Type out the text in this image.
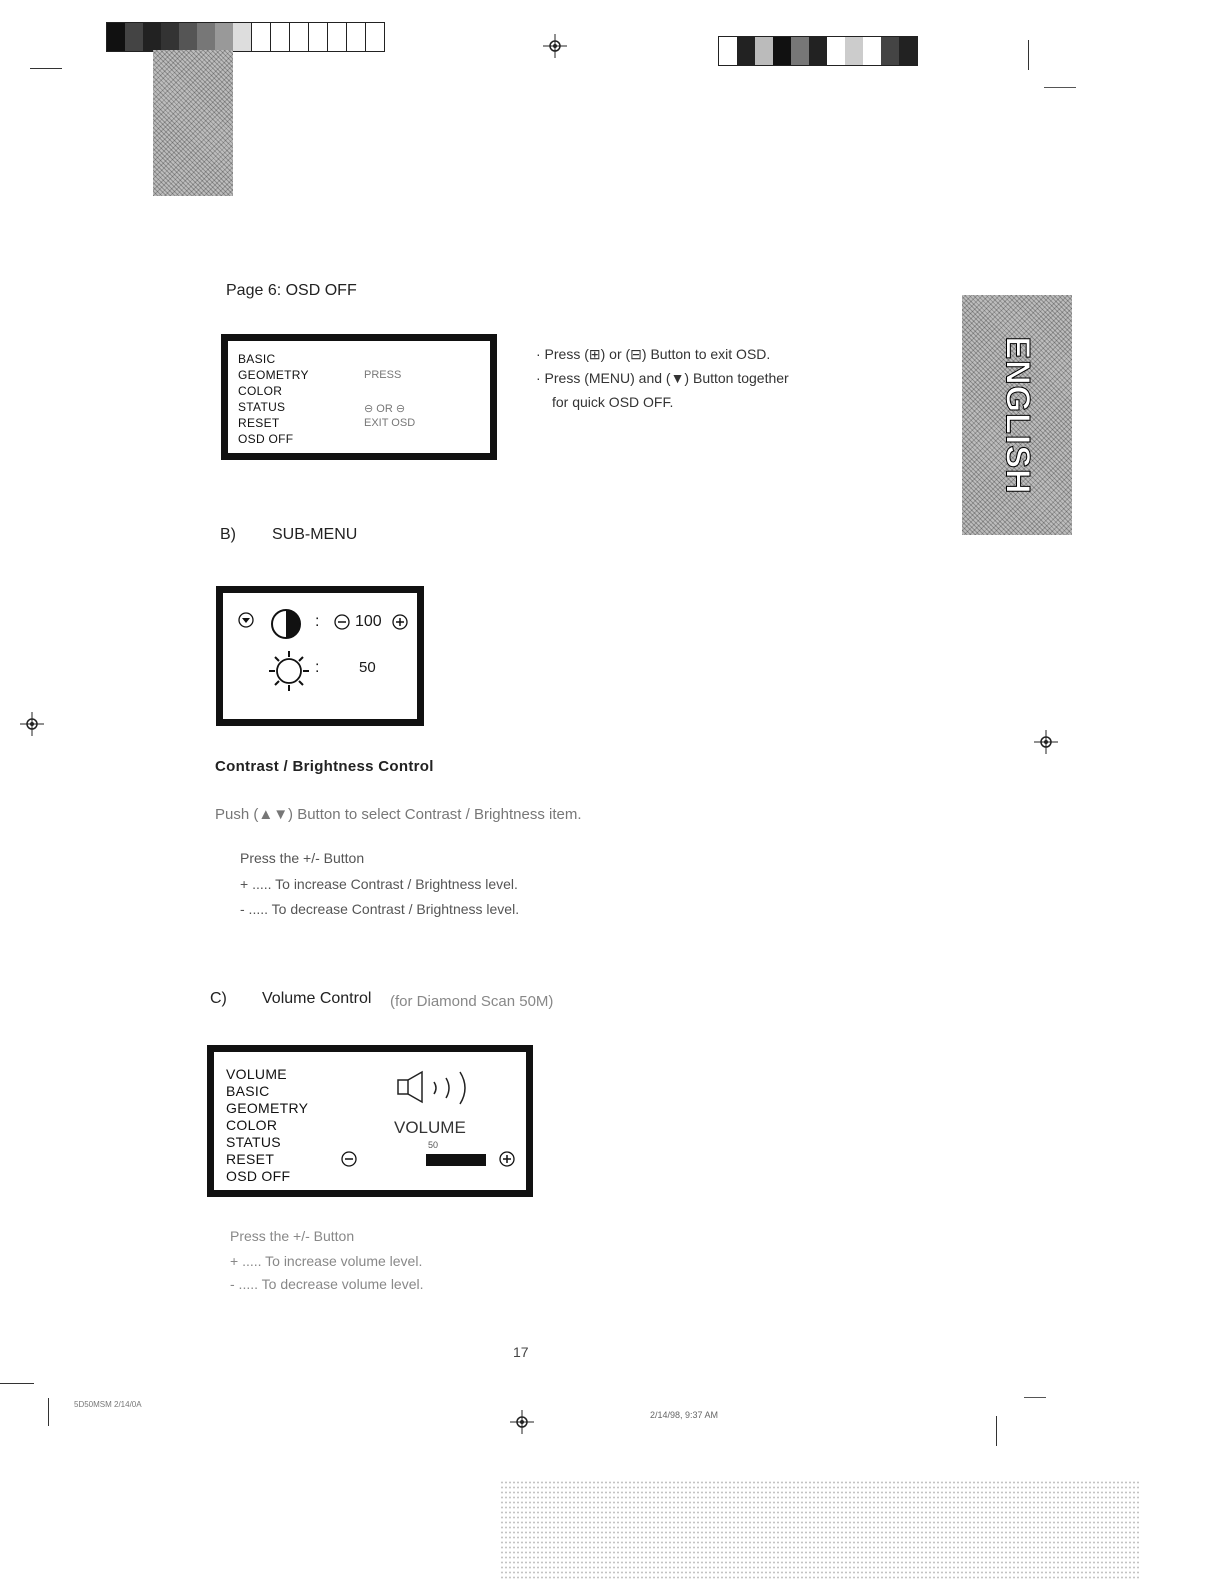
ENGLISH
Page 6: OSD OFF
BASIC
GEOMETRY
COLOR
STATUS
RESET
OSD OFF
PRESS
⊖ OR ⊖
EXIT OSD
· Press (⊞) or (⊟) Button to exit OSD.
· Press (MENU) and (▼) Button together
for quick OSD OFF.
B) SUB-MENU
: 100
:	50
Contrast / Brightness Control
Push (▲▼) Button to select Contrast / Brightness item.
Press the +/- Button
+ ..... To increase Contrast / Brightness level.
- ..... To decrease Contrast / Brightness level.
C) Volume Control (for Diamond Scan 50M)
VOLUME
BASIC
GEOMETRY
COLOR
STATUS
RESET
OSD OFF
VOLUME
50
Press the +/- Button
+ ..... To increase volume level.
- ..... To decrease volume level.
17
5D50MSM 2/14/0A
2/14/98, 9:37 AM
